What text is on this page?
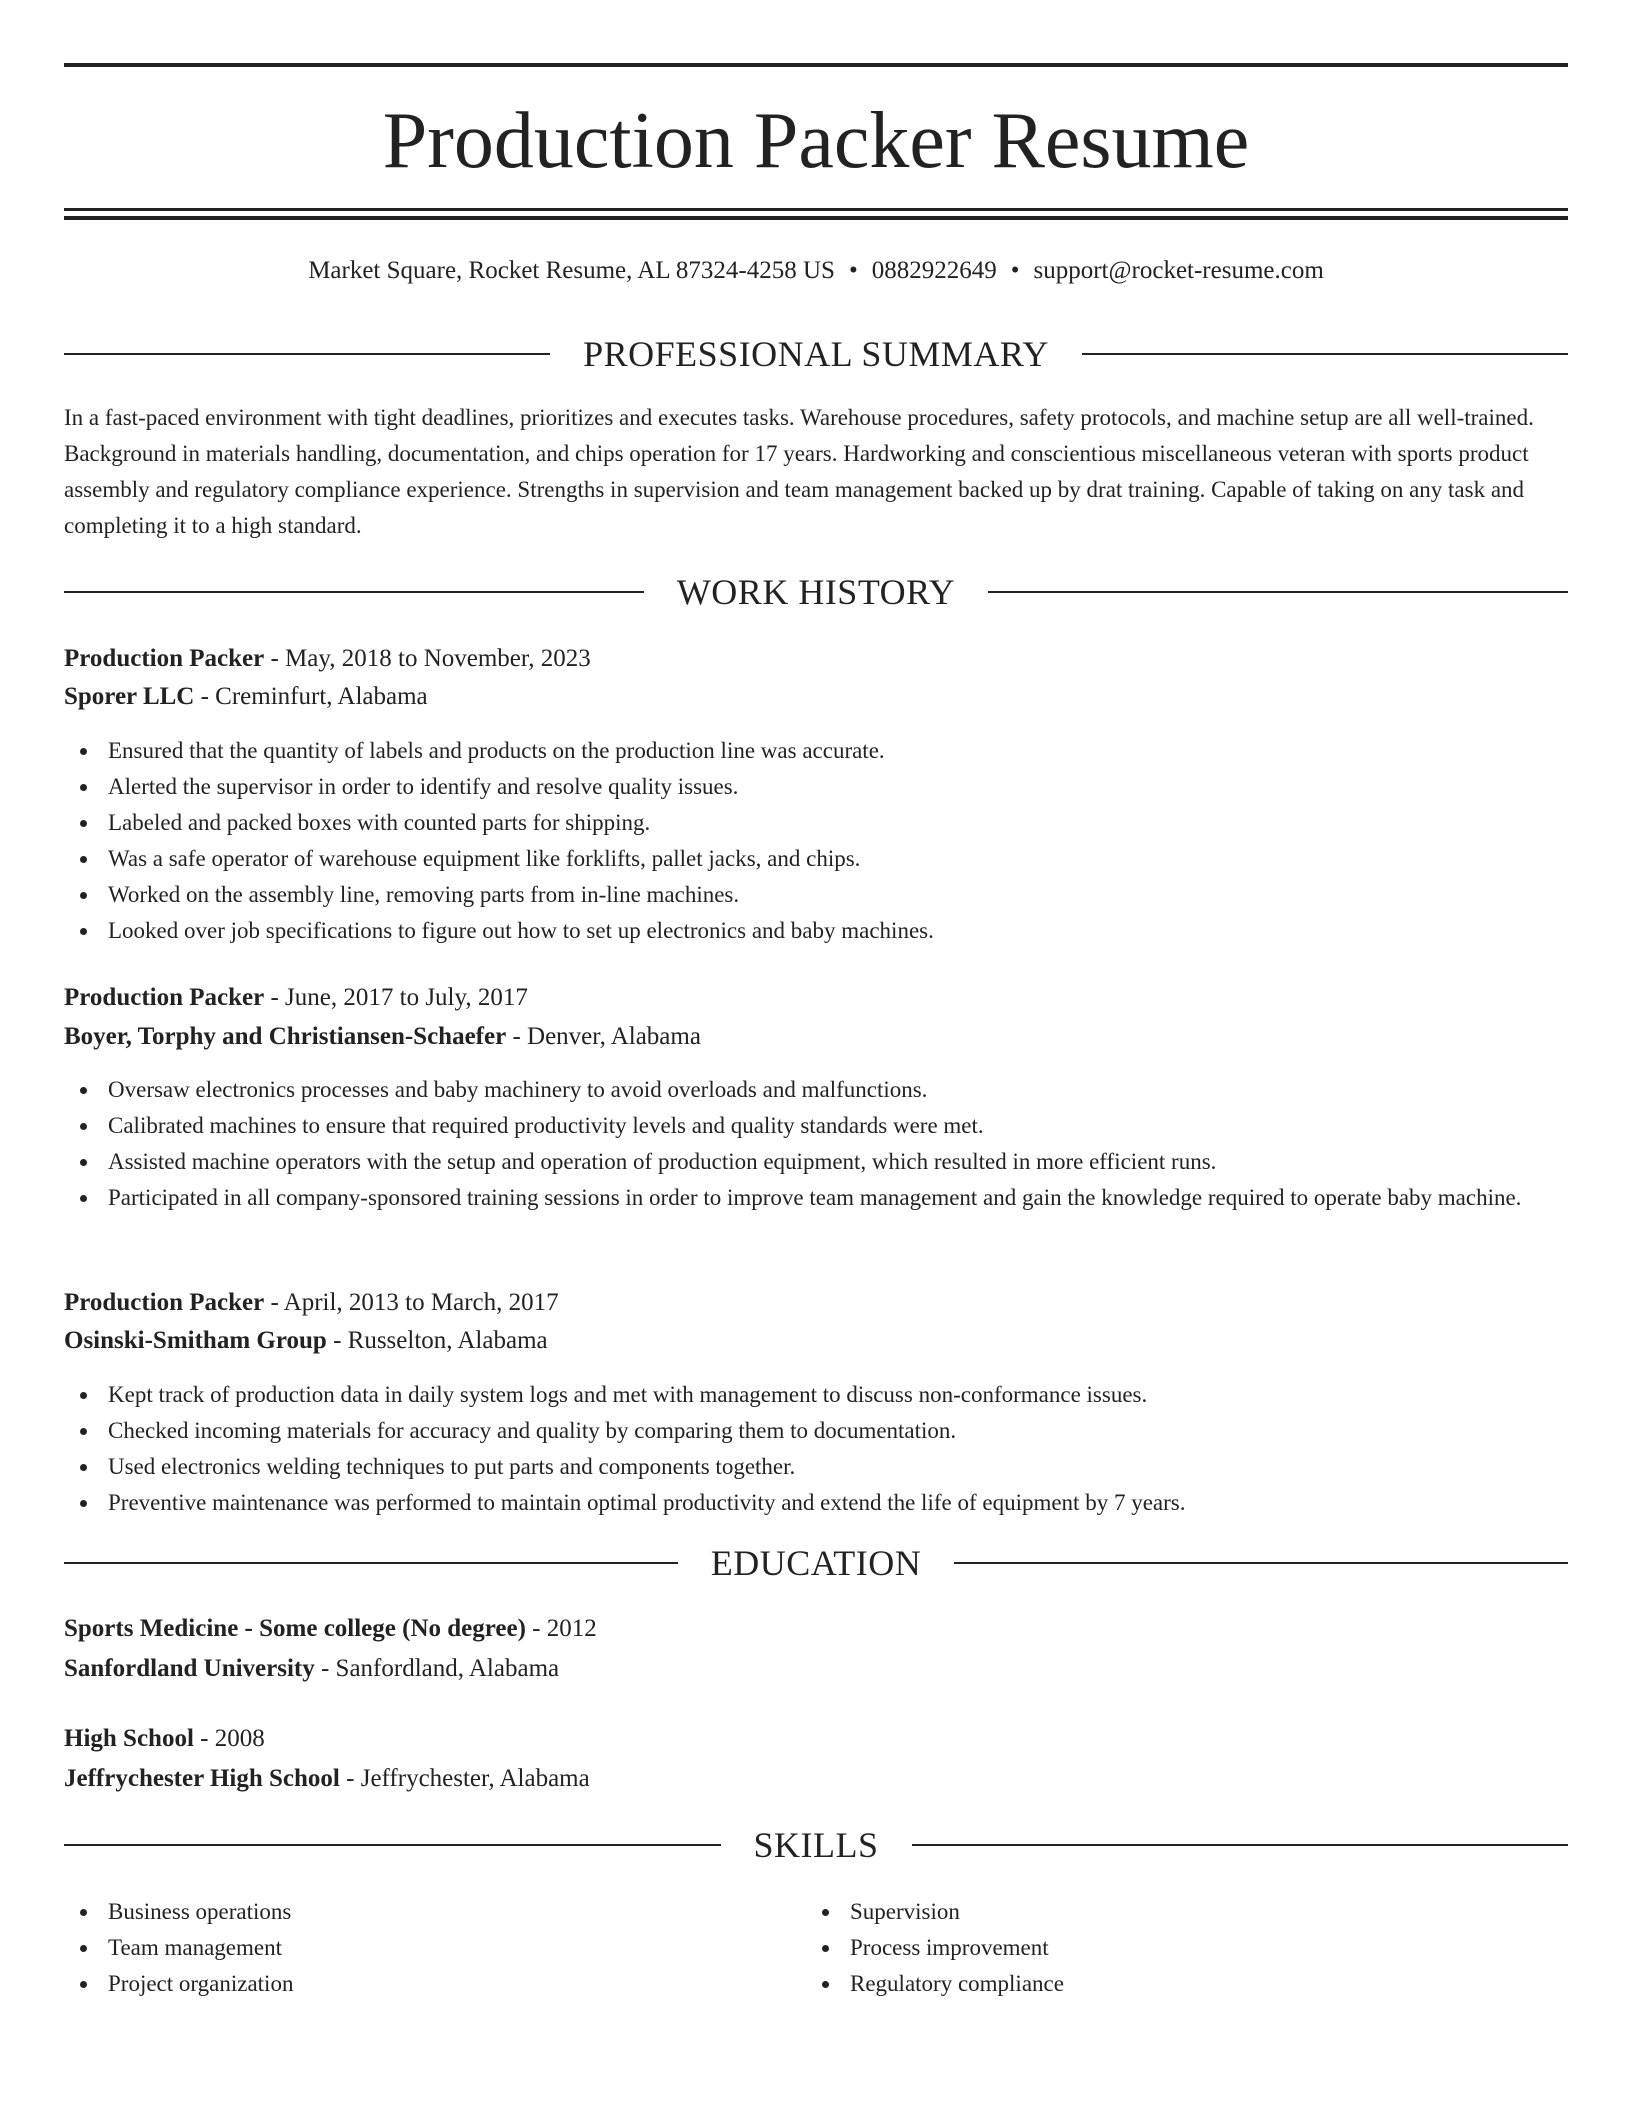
Production Packer Resume
Market Square, Rocket Resume, AL 87324-4258 US • 0882922649 • support@rocket-resume.com
PROFESSIONAL SUMMARY

In a fast-paced environment with tight deadlines, prioritizes and executes tasks. Warehouse procedures, safety protocols, and machine setup are all well-trained. Background in materials handling, documentation, and chips operation for 17 years. Hardworking and conscientious miscellaneous veteran with sports product assembly and regulatory compliance experience. Strengths in supervision and team management backed up by drat training. Capable of taking on any task and completing it to a high standard.

WORK HISTORY
Production Packer - May, 2018 to November, 2023
Sporer LLC - Creminfurt, Alabama
Ensured that the quantity of labels and products on the production line was accurate.
Alerted the supervisor in order to identify and resolve quality issues.
Labeled and packed boxes with counted parts for shipping.
Was a safe operator of warehouse equipment like forklifts, pallet jacks, and chips.
Worked on the assembly line, removing parts from in-line machines.
Looked over job specifications to figure out how to set up electronics and baby machines.
Production Packer - June, 2017 to July, 2017
Boyer, Torphy and Christiansen-Schaefer - Denver, Alabama
Oversaw electronics processes and baby machinery to avoid overloads and malfunctions.
Calibrated machines to ensure that required productivity levels and quality standards were met.
Assisted machine operators with the setup and operation of production equipment, which resulted in more efficient runs.
Participated in all company-sponsored training sessions in order to improve team management and gain the knowledge required to operate baby machine.
Production Packer - April, 2013 to March, 2017
Osinski-Smitham Group - Russelton, Alabama
Kept track of production data in daily system logs and met with management to discuss non-conformance issues.
Checked incoming materials for accuracy and quality by comparing them to documentation.
Used electronics welding techniques to put parts and components together.
Preventive maintenance was performed to maintain optimal productivity and extend the life of equipment by 7 years.
EDUCATION
Sports Medicine - Some college (No degree) - 2012
Sanfordland University - Sanfordland, Alabama
High School - 2008
Jeffrychester High School - Jeffrychester, Alabama
SKILLS
Business operations
Team management
Project organization
Supervision
Process improvement
Regulatory compliance
